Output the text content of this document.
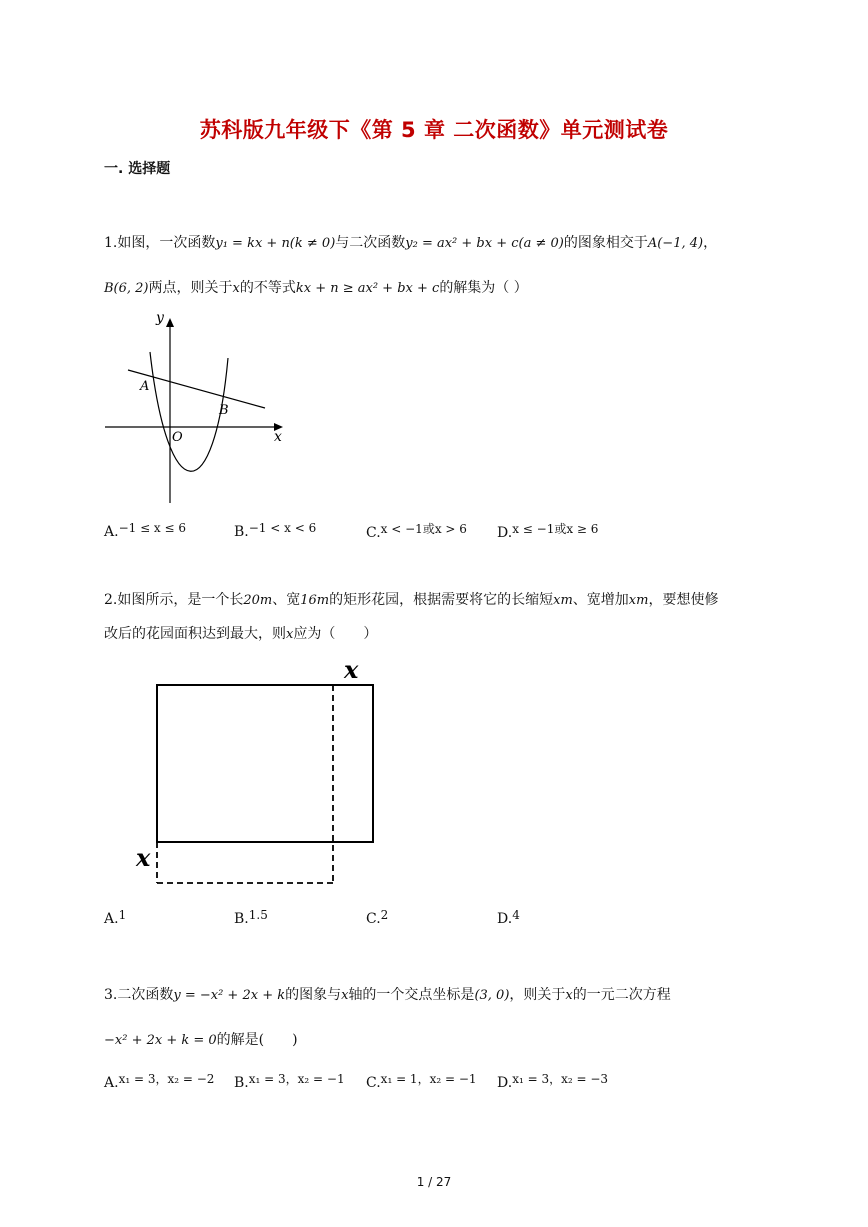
苏科版九年级下《第 5 章 二次函数》单元测试卷
一. 选择题
1.如图，一次函数y₁ = kx + n(k ≠ 0)与二次函数y₂ = ax² + bx + c(a ≠ 0)的图象相交于A(−1, 4)，
B(6, 2)两点，则关于x的不等式kx + n ≥ ax² + bx + c的解集为（ ）
y
x
O
A
B
A.−1 ≤ x ≤ 6	B.−1 < x < 6	C.x < −1或x > 6 D.x ≤ −1或x ≥ 6
2.如图所示，是一个长20m、宽16m的矩形花园，根据需要将它的长缩短xm、宽增加xm，要想使修
改后的花园面积达到最大，则x应为（　　）
x
x
A.1	B.1.5	C.2	D.4
3.二次函数y = −x² + 2x + k的图象与x轴的一个交点坐标是(3, 0)，则关于x的一元二次方程
−x² + 2x + k = 0的解是(　　)
A.x₁ = 3，x₂ = −2 B.x₁ = 3，x₂ = −1 C.x₁ = 1，x₂ = −1 D.x₁ = 3，x₂ = −3
1 / 27
